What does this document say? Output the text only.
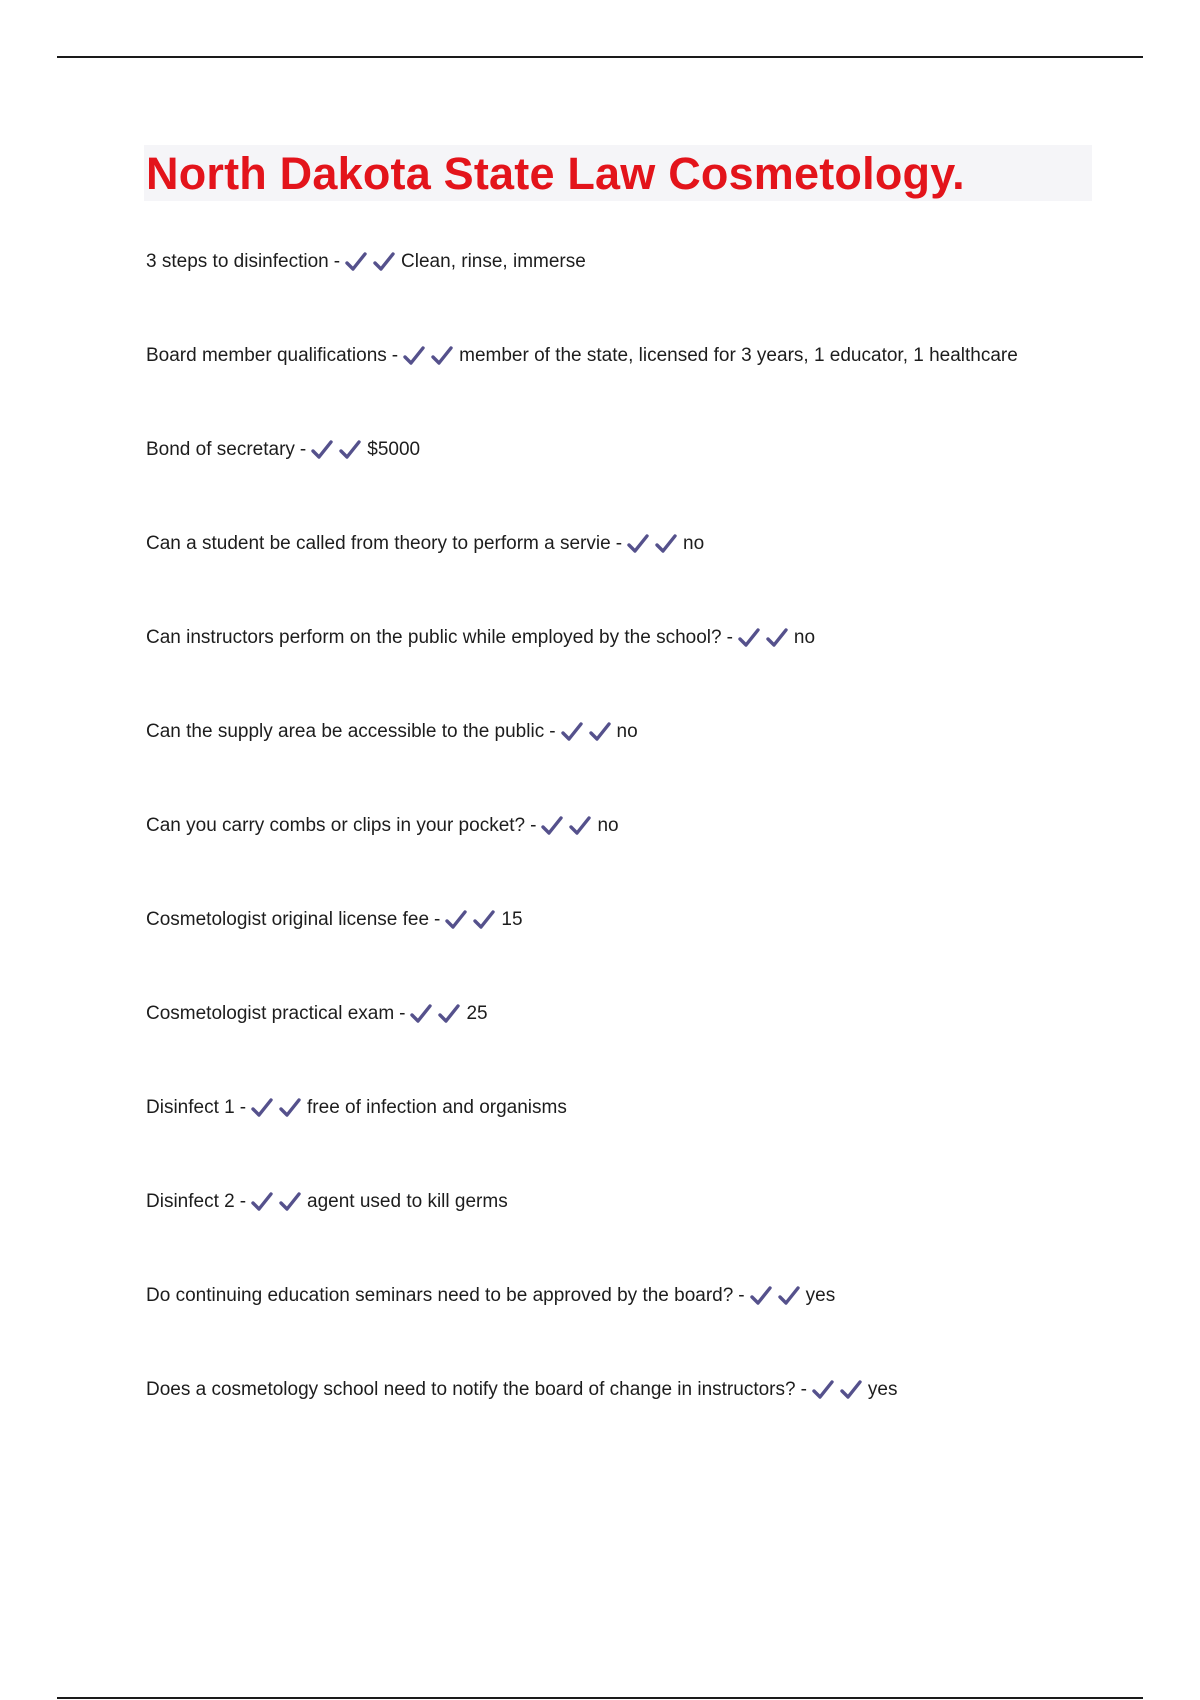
North Dakota State Law Cosmetology.
3 steps to disinfection -	Clean, rinse, immerse
Board member qualifications -	member of the state, licensed for 3 years, 1 educator, 1 healthcare
Bond of secretary -	$5000
Can a student be called from theory to perform a servie -	no
Can instructors perform on the public while employed by the school? -	no
Can the supply area be accessible to the public -	no
Can you carry combs or clips in your pocket? -	no
Cosmetologist original license fee -	15
Cosmetologist practical exam -	25
Disinfect 1 -	free of infection and organisms
Disinfect 2 -	agent used to kill germs
Do continuing education seminars need to be approved by the board? -	yes
Does a cosmetology school need to notify the board of change in instructors? -	yes
